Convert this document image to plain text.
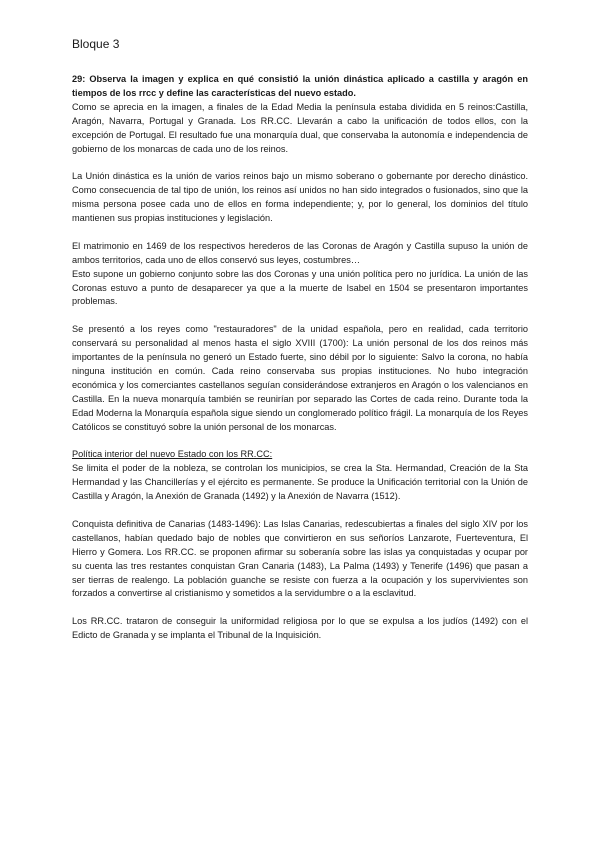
Bloque 3

29: Observa la imagen y explica en qué consistió la unión dinástica aplicado a castilla y aragón en tiempos de los rrcc y define las características del nuevo estado.

Como se aprecia en la imagen, a finales de la Edad Media la península estaba dividida en 5 reinos:Castilla, Aragón, Navarra, Portugal y Granada. Los RR.CC. Llevarán a cabo la unificación de todos ellos, con la excepción de Portugal. El resultado fue una monarquía dual, que conservaba la autonomía e independencia de gobierno de los monarcas de cada uno de los reinos.

La Unión dinástica es la unión de varios reinos bajo un mismo soberano o gobernante por derecho dinástico. Como consecuencia de tal tipo de unión, los reinos así unidos no han sido integrados o fusionados, sino que la misma persona posee cada uno de ellos en forma independiente; y, por lo general, los dominios del título mantienen sus propias instituciones y legislación.

El matrimonio en 1469 de los respectivos herederos de las Coronas de Aragón y Castilla supuso la unión de ambos territorios, cada uno de ellos conservó sus leyes, costumbres…

Esto supone un gobierno conjunto sobre las dos Coronas y una unión política pero no jurídica. La unión de las Coronas estuvo a punto de desaparecer ya que a la muerte de Isabel en 1504 se presentaron importantes problemas.

Se presentó a los reyes como "restauradores" de la unidad española, pero en realidad, cada territorio conservará su personalidad al menos hasta el siglo XVIII (1700): La unión personal de los dos reinos más importantes de la península no generó un Estado fuerte, sino débil por lo siguiente: Salvo la corona, no había ninguna institución en común. Cada reino conservaba sus propias instituciones. No hubo integración económica y los comerciantes castellanos seguían considerándose extranjeros en Aragón o los valencianos en Castilla. En la nueva monarquía también se reunirían por separado las Cortes de cada reino. Durante toda la Edad Moderna la Monarquía española sigue siendo un conglomerado político frágil. La monarquía de los Reyes Católicos se constituyó sobre la unión personal de los monarcas.

Política interior del nuevo Estado con los RR.CC:

Se limita el poder de la nobleza, se controlan los municipios, se crea la Sta. Hermandad, Creación de la Sta Hermandad y las Chancillerías y el ejército es permanente. Se produce la Unificación territorial con la Unión de Castilla y Aragón, la Anexión de Granada (1492) y la Anexión de Navarra (1512).

Conquista definitiva de Canarias (1483-1496): Las Islas Canarias, redescubiertas a finales del siglo XIV por los castellanos, habían quedado bajo de nobles que convirtieron en sus señoríos Lanzarote, Fuerteventura, El Hierro y Gomera. Los RR.CC. se proponen afirmar su soberanía sobre las islas ya conquistadas y ocupar por su cuenta las tres restantes conquistan Gran Canaria (1483), La Palma (1493) y Tenerife (1496) que pasan a ser tierras de realengo. La población guanche se resiste con fuerza a la ocupación y los supervivientes son forzados a convertirse al cristianismo y sometidos a la servidumbre o a la esclavitud.

Los RR.CC. trataron de conseguir la uniformidad religiosa por lo que se expulsa a los judíos (1492) con el Edicto de Granada y se implanta el Tribunal de la Inquisición.
